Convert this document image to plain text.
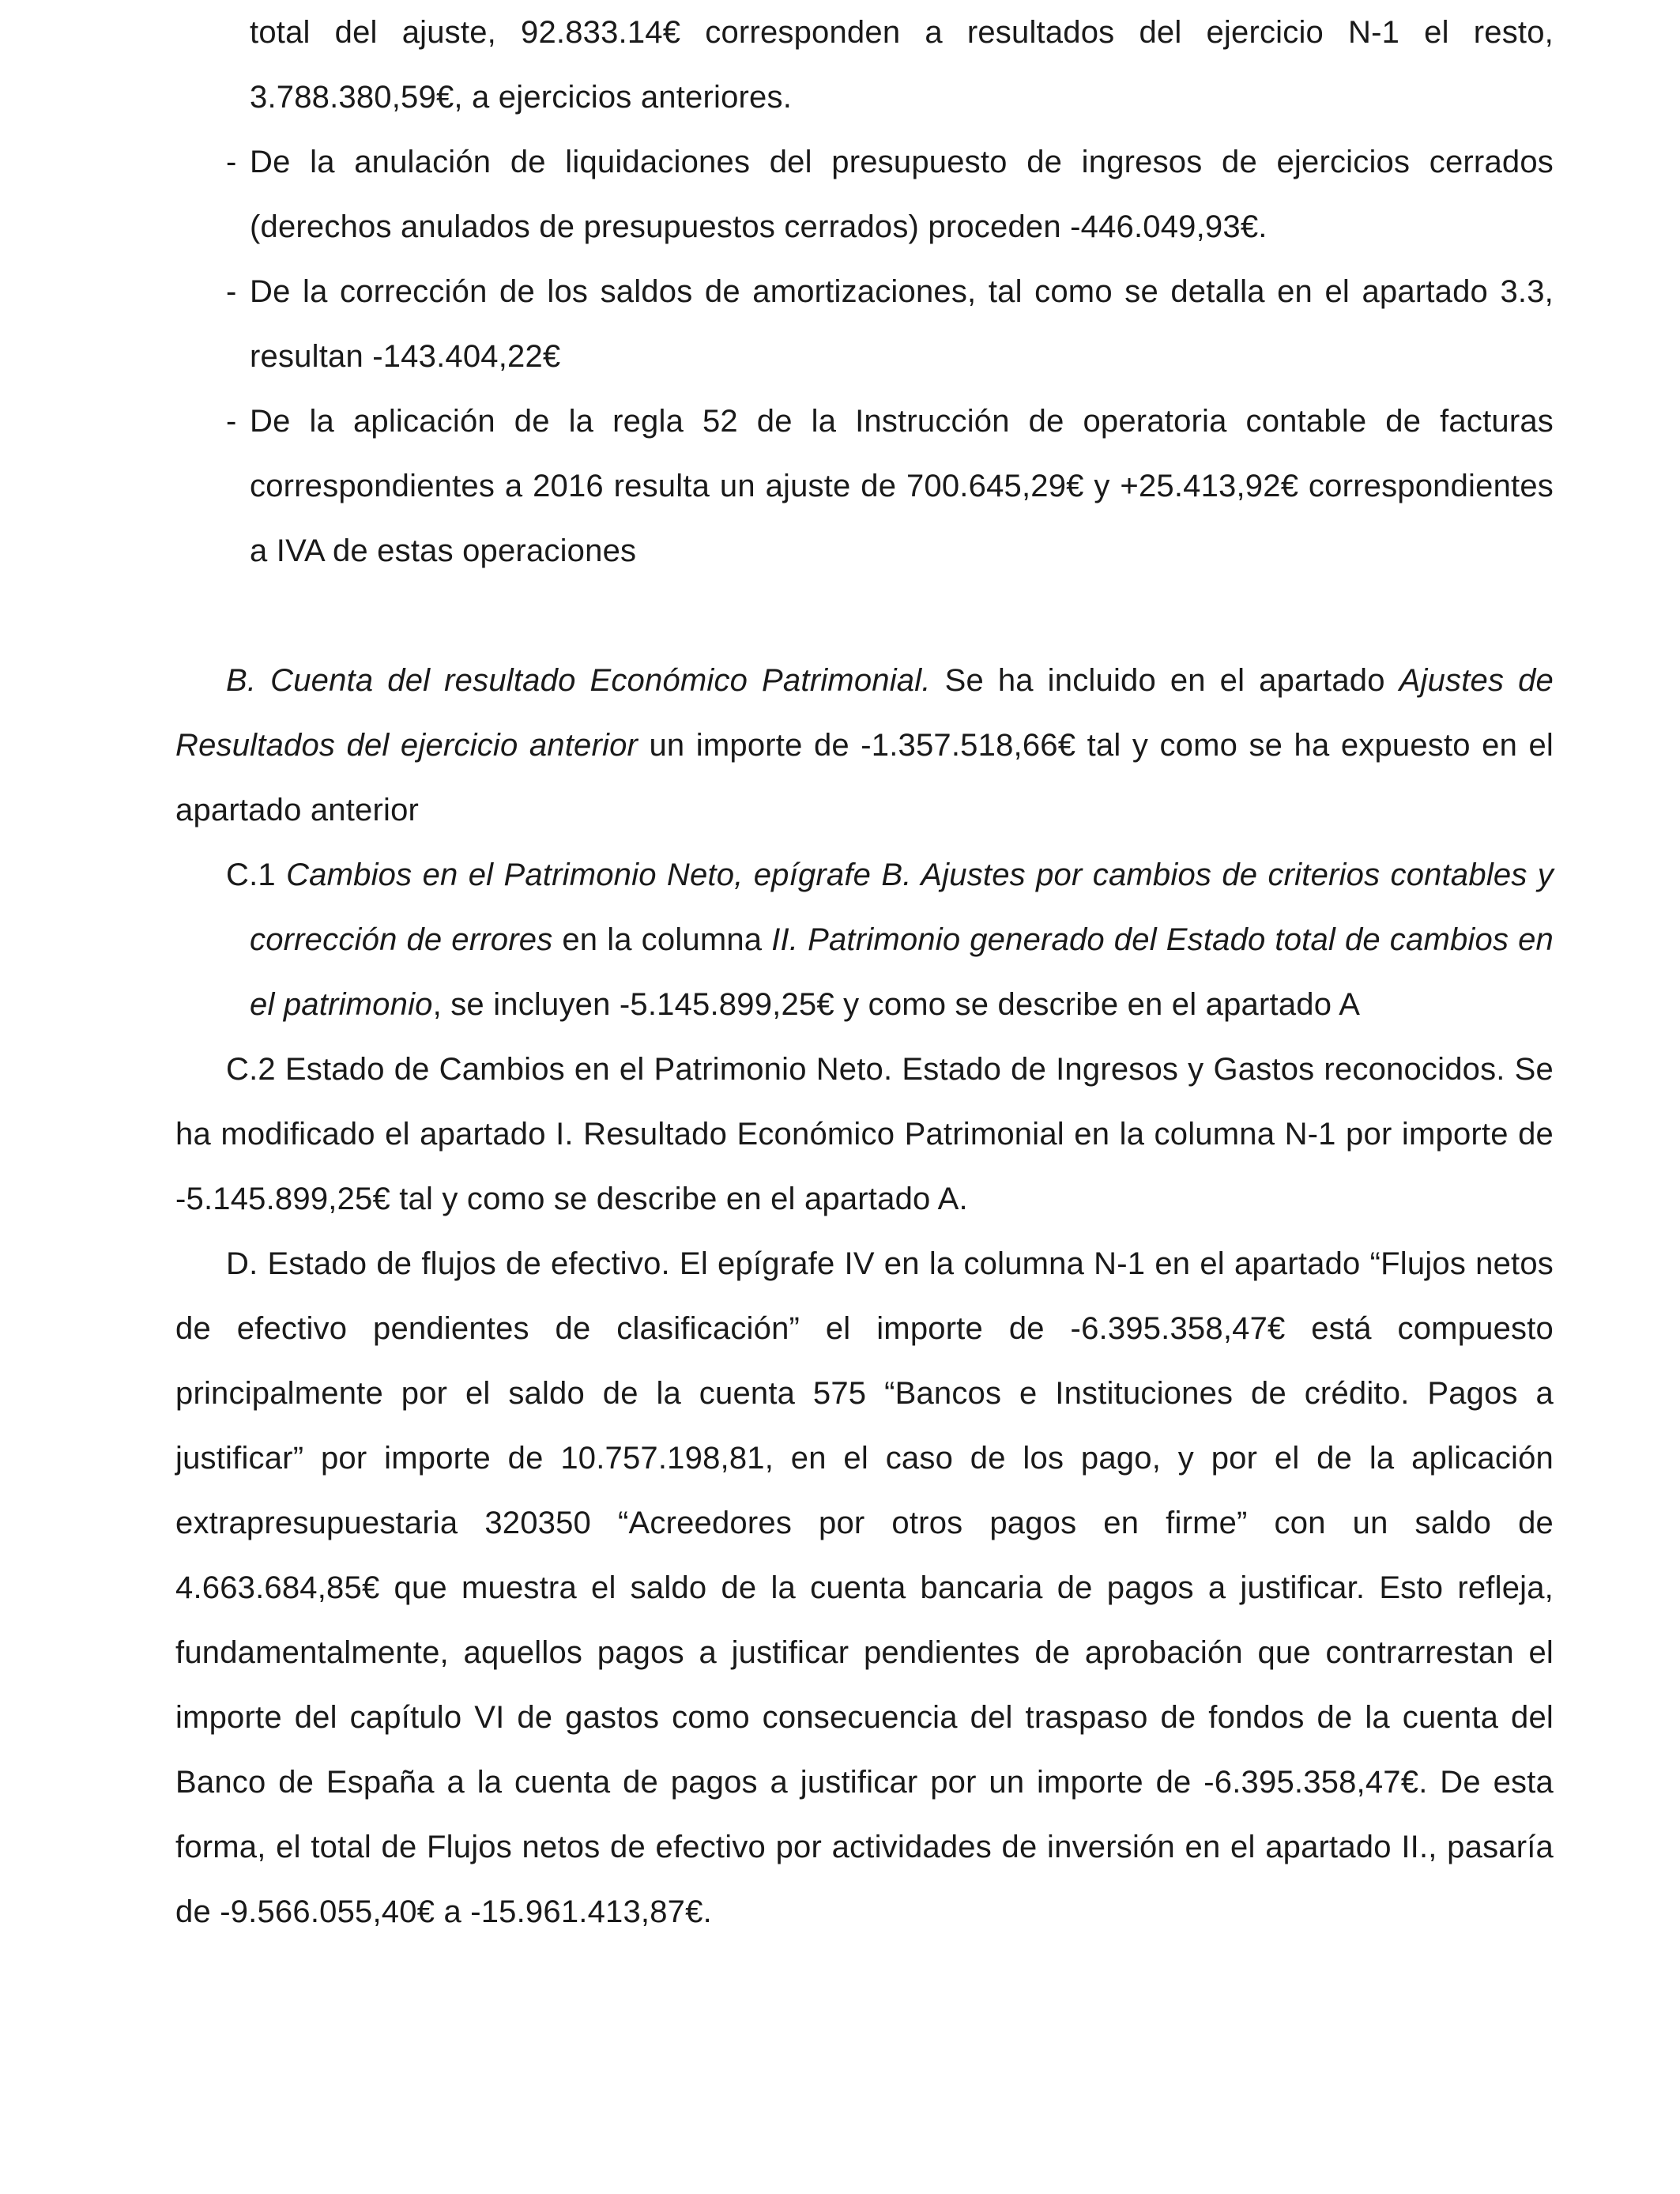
total del ajuste, 92.833.14€ corresponden a resultados del ejercicio N-1 el resto, 3.788.380,59€, a ejercicios anteriores.
- De la anulación de liquidaciones del presupuesto de ingresos de ejercicios cerrados (derechos anulados de presupuestos cerrados) proceden -446.049,93€.
- De la corrección de los saldos de amortizaciones, tal como se detalla en el apartado 3.3, resultan -143.404,22€
- De la aplicación de la regla 52 de la Instrucción de operatoria contable de facturas correspondientes a 2016 resulta un ajuste de 700.645,29€ y +25.413,92€ correspondientes a IVA de estas operaciones
B. Cuenta del resultado Económico Patrimonial. Se ha incluido en el apartado Ajustes de Resultados del ejercicio anterior un importe de -1.357.518,66€ tal y como se ha expuesto en el apartado anterior
C.1 Cambios en el Patrimonio Neto, epígrafe B. Ajustes por cambios de criterios contables y corrección de errores en la columna II. Patrimonio generado del Estado total de cambios en el patrimonio, se incluyen -5.145.899,25€ y como se describe en el apartado A
C.2 Estado de Cambios en el Patrimonio Neto. Estado de Ingresos y Gastos reconocidos. Se ha modificado el apartado I. Resultado Económico Patrimonial en la columna N-1 por importe de -5.145.899,25€ tal y como se describe en el apartado A.
D. Estado de flujos de efectivo. El epígrafe IV en la columna N-1 en el apartado “Flujos netos de efectivo pendientes de clasificación” el importe de -6.395.358,47€ está compuesto principalmente por el saldo de la cuenta 575 “Bancos e Instituciones de crédito. Pagos a justificar” por importe de 10.757.198,81, en el caso de los pago, y por el de la aplicación extrapresupuestaria 320350 “Acreedores por otros pagos en firme” con un saldo de 4.663.684,85€ que muestra el saldo de la cuenta bancaria de pagos a justificar. Esto refleja, fundamentalmente, aquellos pagos a justificar pendientes de aprobación que contrarrestan el importe del capítulo VI de gastos como consecuencia del traspaso de fondos de la cuenta del Banco de España a la cuenta de pagos a justificar por un importe de -6.395.358,47€. De esta forma, el total de Flujos netos de efectivo por actividades de inversión en el apartado II., pasaría de -9.566.055,40€ a -15.961.413,87€.
